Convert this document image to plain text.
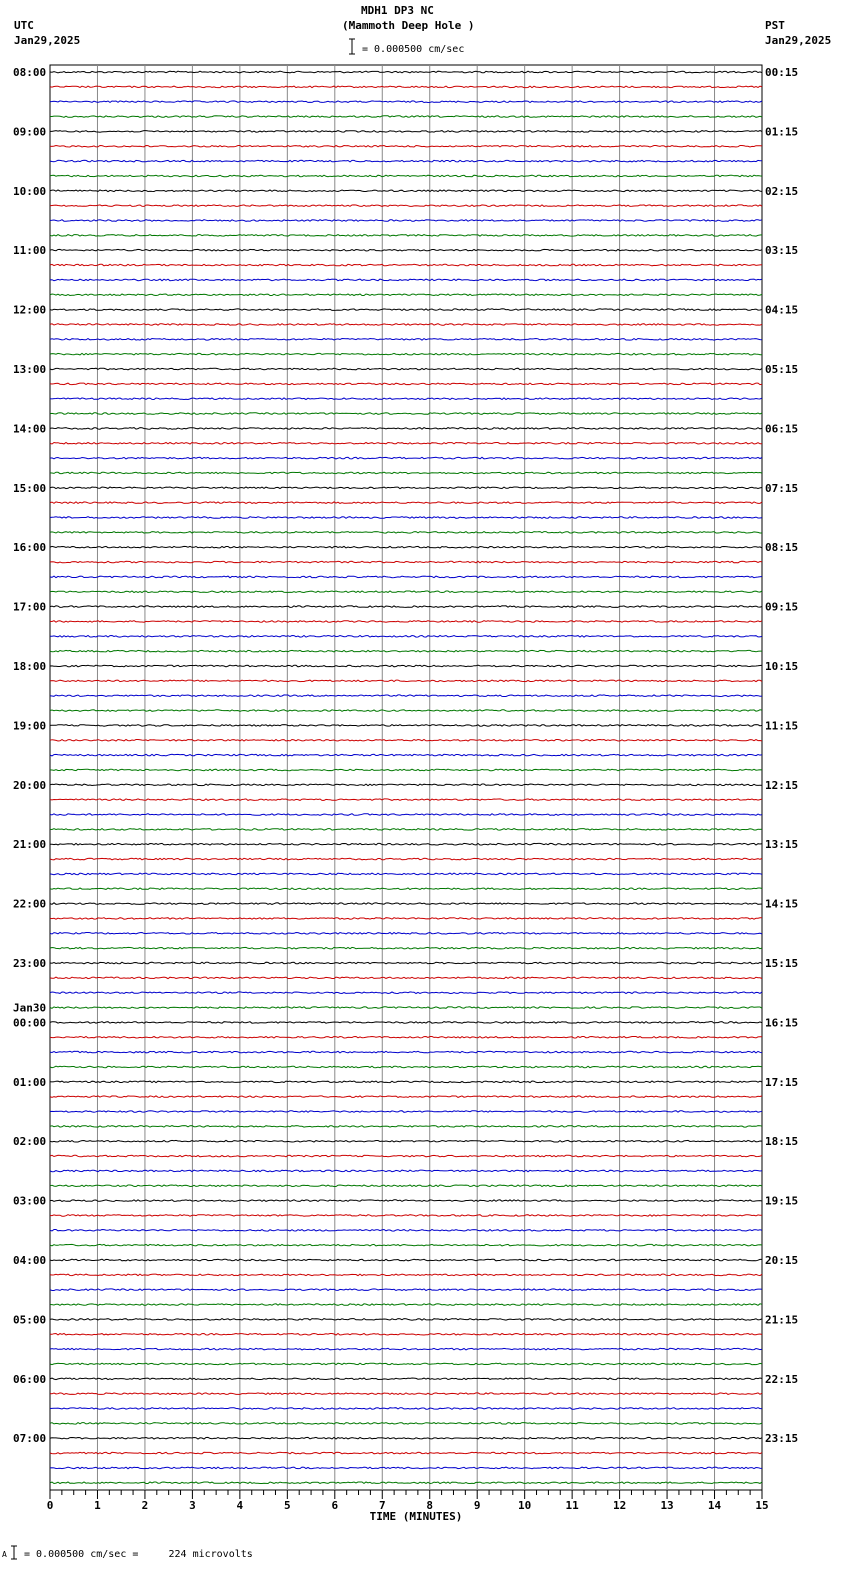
0	1	2	3	4	5	6	7	8	9	10	11	12	13	14	15
TIME (MINUTES)
08:00	00:15
09:00	01:15
10:00	02:15
11:00	03:15
12:00	04:15
13:00	05:15
14:00	06:15
15:00	07:15
16:00	08:15
17:00	09:15
18:00	10:15
19:00	11:15
20:00	12:15
21:00	13:15
22:00	14:15
23:00	15:15
00:00	16:15
Jan30
01:00	17:15
02:00	18:15
03:00	19:15
04:00	20:15
05:00	21:15
06:00	22:15
07:00	23:15
MDH1 DP3 NC
(Mammoth Deep Hole )
UTC
Jan29,2025
PST
Jan29,2025
= 0.000500 cm/sec
A = 0.000500 cm/sec =     224 microvolts
